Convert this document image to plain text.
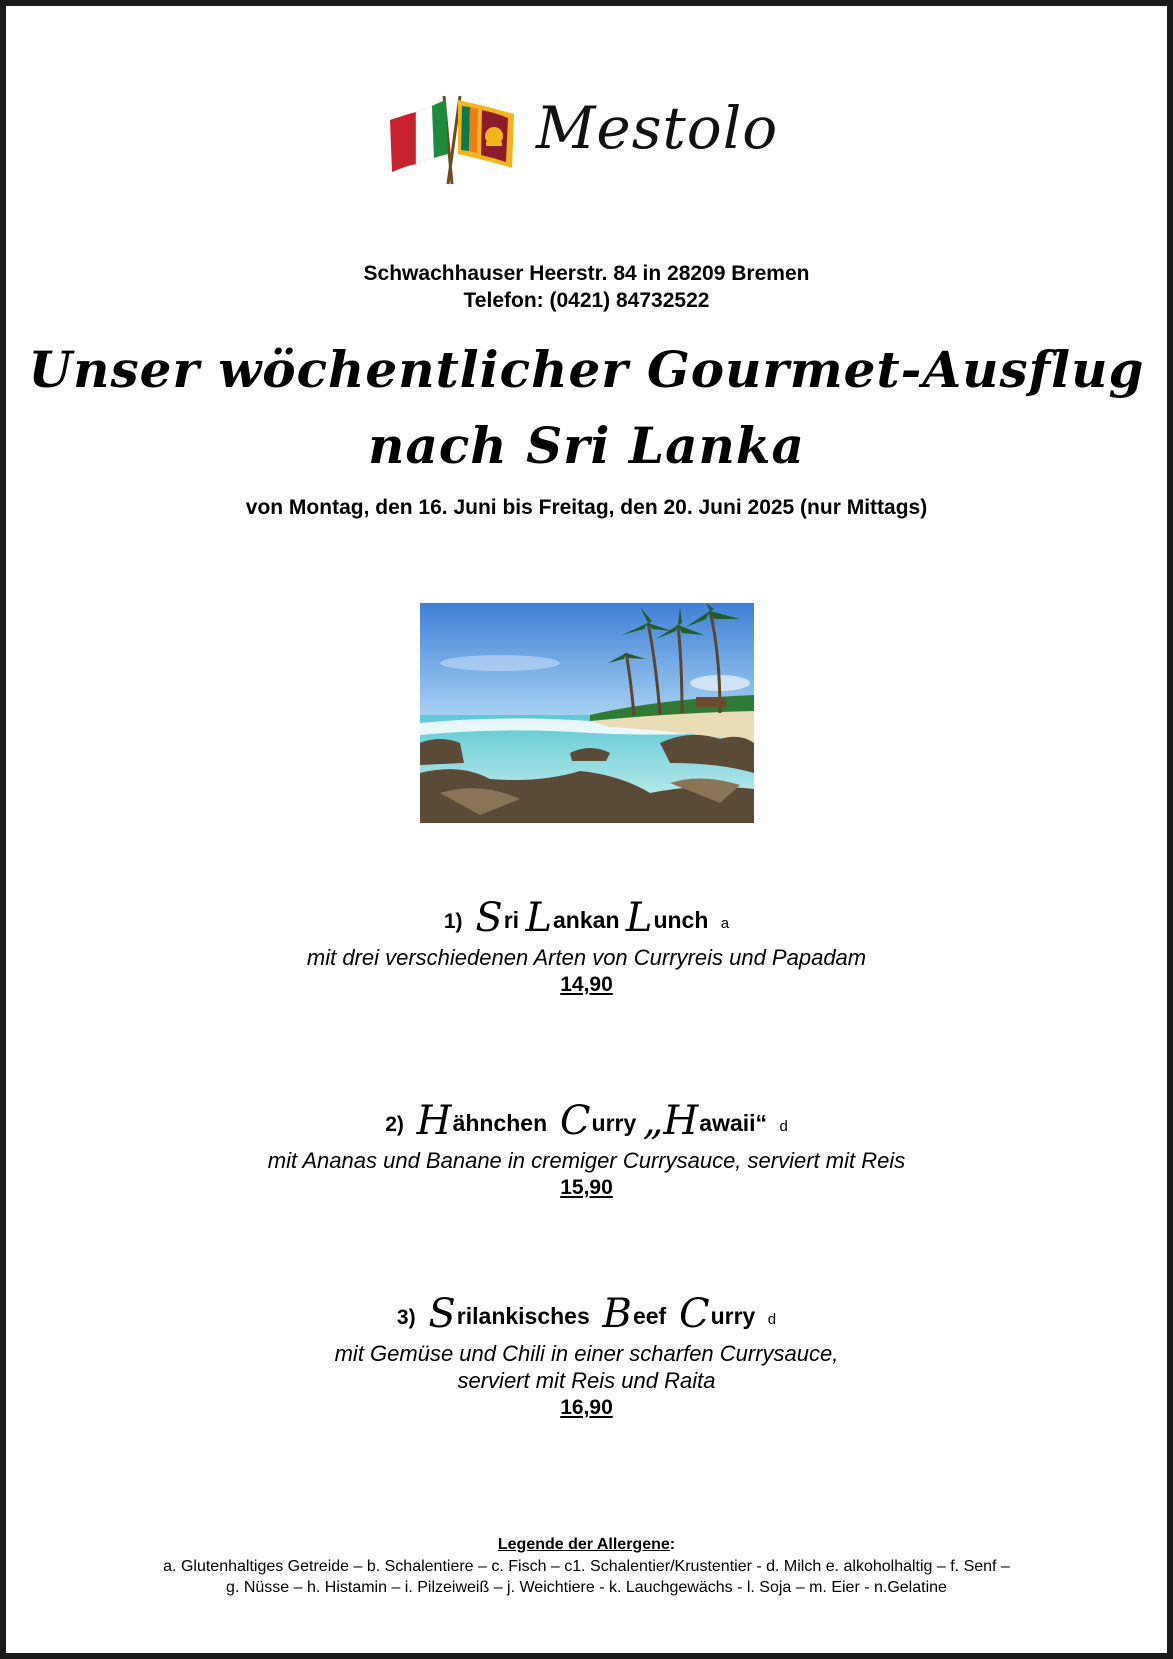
Mestolo
Schwachhauser Heerstr. 84 in 28209 Bremen
Telefon: (0421) 84732522
Unser wöchentlicher Gourmet-Ausflug
nach Sri Lanka
von Montag, den 16. Juni bis Freitag, den 20. Juni 2025 (nur Mittags)
1) Sri Lankan Lunch a
mit drei verschiedenen Arten von Curryreis und Papadam
14,90
2) Hähnchen Curry „Hawaii“ d
mit Ananas und Banane in cremiger Currysauce, serviert mit Reis
15,90
3) Srilankisches Beef Curry d
mit Gemüse und Chili in einer scharfen Currysauce,
serviert mit Reis und Raita
16,90
Legende der Allergene:
a. Glutenhaltiges Getreide – b. Schalentiere – c. Fisch – c1. Schalentier/Krustentier - d. Milch e. alkoholhaltig – f. Senf –
g. Nüsse – h. Histamin – i. Pilzeiweiß – j. Weichtiere - k. Lauchgewächs - l. Soja – m. Eier - n.Gelatine
